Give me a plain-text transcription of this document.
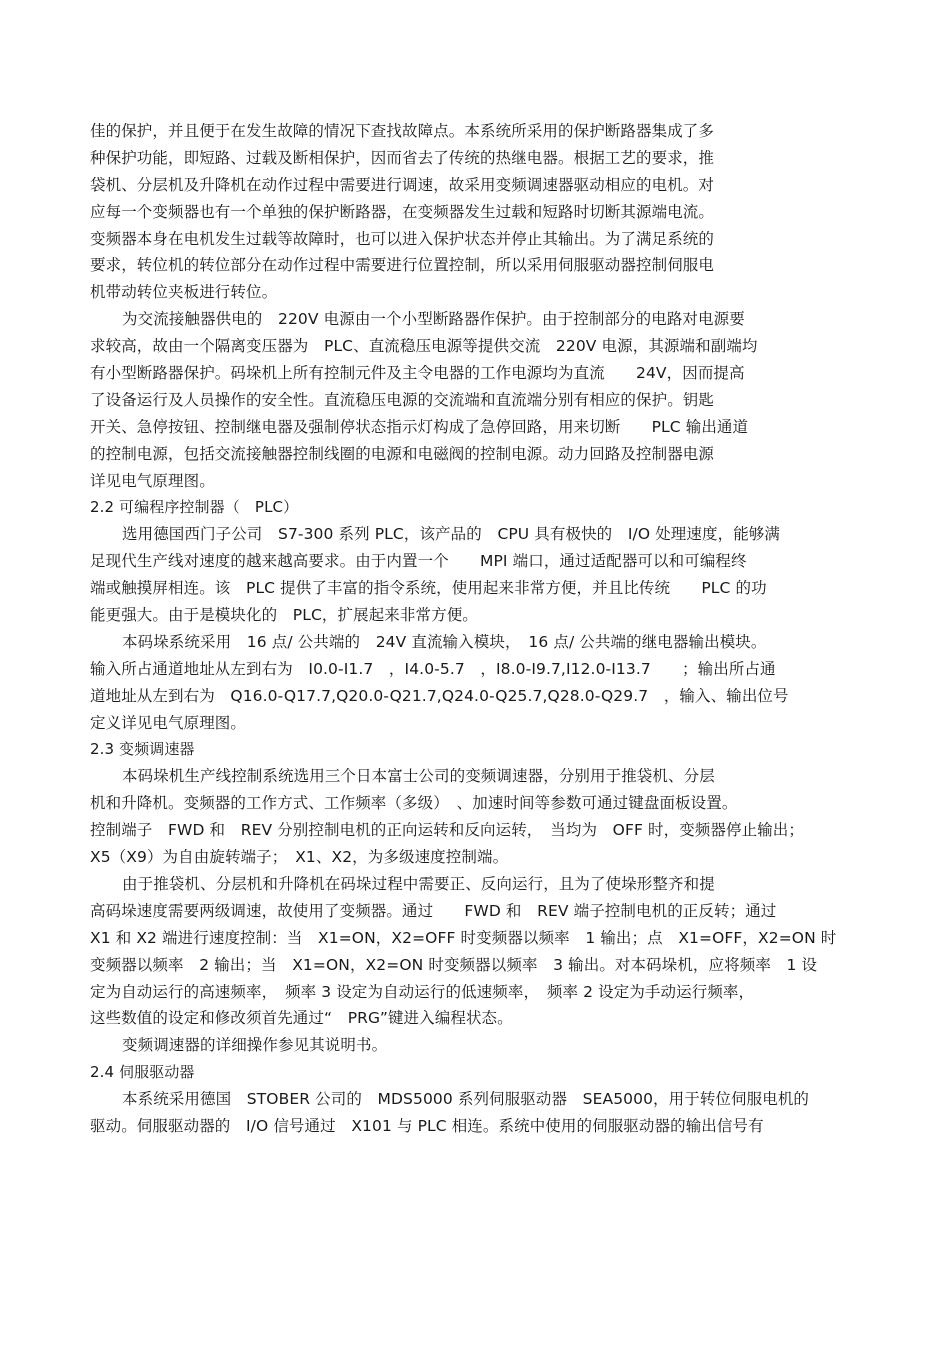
佳的保护，并且便于在发生故障的情况下查找故障点。本系统所采用的保护断路器集成了多
种保护功能，即短路、过载及断相保护，因而省去了传统的热继电器。根据工艺的要求，推
袋机、分层机及升降机在动作过程中需要进行调速，故采用变频调速器驱动相应的电机。对
应每一个变频器也有一个单独的保护断路器，在变频器发生过载和短路时切断其源端电流。
变频器本身在电机发生过载等故障时，也可以进入保护状态并停止其输出。为了满足系统的
要求，转位机的转位部分在动作过程中需要进行位置控制，所以采用伺服驱动器控制伺服电
机带动转位夹板进行转位。
为交流接触器供电的　220V 电源由一个小型断路器作保护。由于控制部分的电路对电源要
求较高，故由一个隔离变压器为　PLC、直流稳压电源等提供交流　220V 电源，其源端和副端均
有小型断路器保护。码垛机上所有控制元件及主令电器的工作电源均为直流　　24V，因而提高
了设备运行及人员操作的安全性。直流稳压电源的交流端和直流端分别有相应的保护。钥匙
开关、急停按钮、控制继电器及强制停状态指示灯构成了急停回路，用来切断　　PLC 输出通道
的控制电源，包括交流接触器控制线圈的电源和电磁阀的控制电源。动力回路及控制器电源
详见电气原理图。
2.2 可编程序控制器（　PLC）
选用德国西门子公司　S7-300 系列 PLC，该产品的　CPU 具有极快的　I/O 处理速度，能够满
足现代生产线对速度的越来越高要求。由于内置一个　　MPI 端口，通过适配器可以和可编程终
端或触摸屏相连。该　PLC 提供了丰富的指令系统，使用起来非常方便，并且比传统　　PLC 的功
能更强大。由于是模块化的　PLC，扩展起来非常方便。
本码垛系统采用　16 点/ 公共端的　24V 直流输入模块，　16 点/ 公共端的继电器输出模块。
输入所占通道地址从左到右为　I0.0-I1.7　，I4.0-5.7　，I8.0-I9.7,I12.0-I13.7　　；输出所占通
道地址从左到右为　Q16.0-Q17.7,Q20.0-Q21.7,Q24.0-Q25.7,Q28.0-Q29.7　，输入、输出位号
定义详见电气原理图。
2.3 变频调速器
本码垛机生产线控制系统选用三个日本富士公司的变频调速器，分别用于推袋机、分层
机和升降机。变频器的工作方式、工作频率（多级）　、加速时间等参数可通过键盘面板设置。
控制端子　FWD 和　REV 分别控制电机的正向运转和反向运转，　当均为　OFF 时，变频器停止输出；
X5（X9）为自由旋转端子；　X1、X2，为多级速度控制端。
由于推袋机、分层机和升降机在码垛过程中需要正、反向运行，且为了使垛形整齐和提
高码垛速度需要两级调速，故使用了变频器。通过　　FWD 和　REV 端子控制电机的正反转；通过
X1 和 X2 端进行速度控制：当　X1=ON，X2=OFF 时变频器以频率　1 输出；点　X1=OFF，X2=ON 时
变频器以频率　2 输出；当　X1=ON，X2=ON 时变频器以频率　3 输出。对本码垛机，应将频率　1 设
定为自动运行的高速频率，　频率 3 设定为自动运行的低速频率，　频率 2 设定为手动运行频率，
这些数值的设定和修改须首先通过“　PRG”键进入编程状态。
变频调速器的详细操作参见其说明书。
2.4 伺服驱动器
本系统采用德国　STOBER 公司的　MDS5000 系列伺服驱动器　SEA5000，用于转位伺服电机的
驱动。伺服驱动器的　I/O 信号通过　X101 与 PLC 相连。系统中使用的伺服驱动器的输出信号有
